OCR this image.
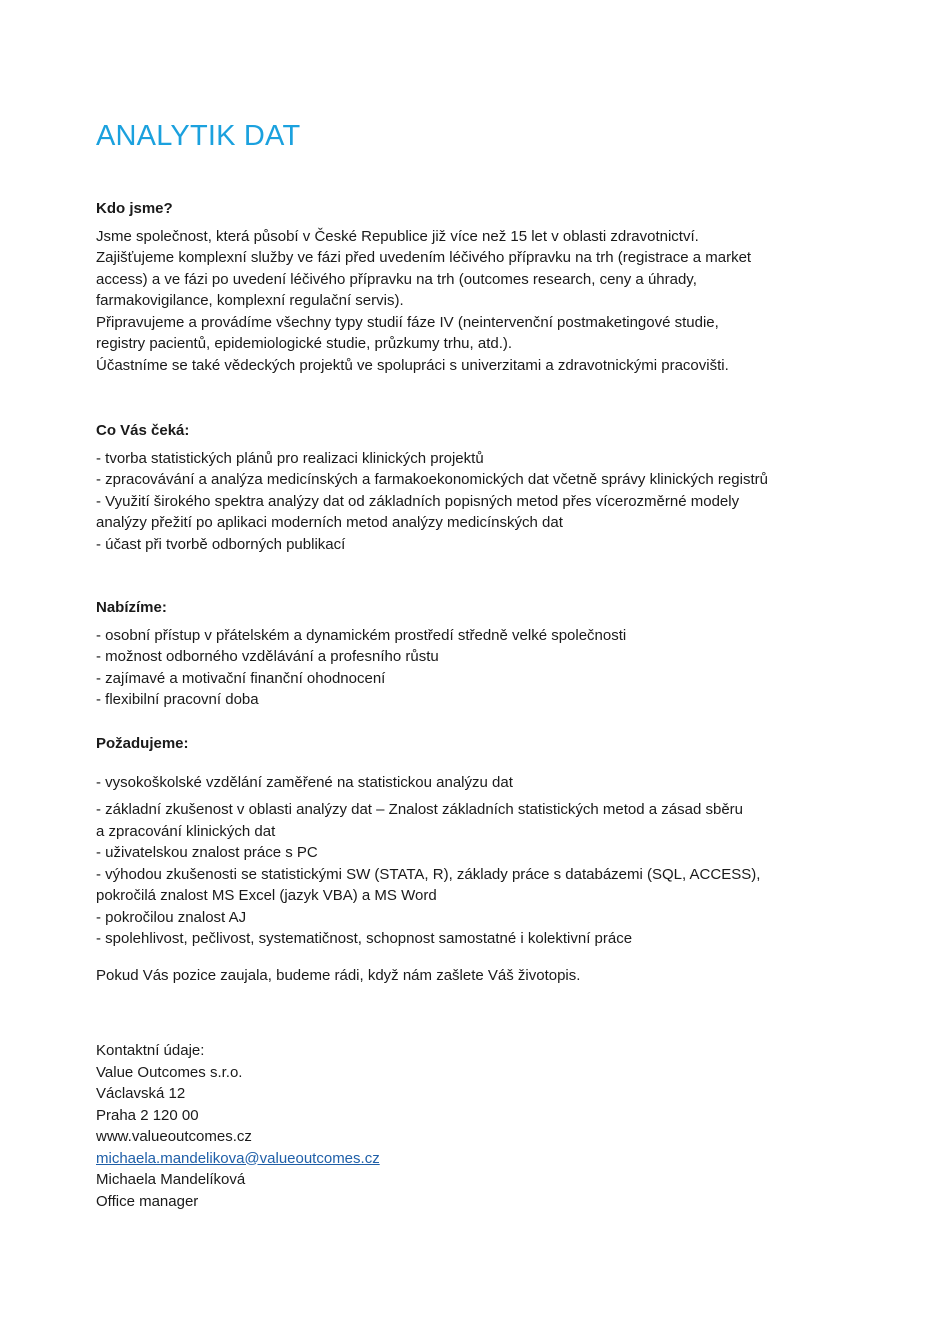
ANALYTIK DAT

Kdo jsme?

Jsme společnost, která působí v České Republice již více než 15 let v oblasti zdravotnictví.

Zajišťujeme komplexní služby ve fázi před uvedením léčivého přípravku na trh (registrace a market

access) a ve fázi po uvedení léčivého přípravku na trh (outcomes research, ceny a úhrady,

farmakovigilance, komplexní regulační servis).

Připravujeme a provádíme všechny typy studií fáze IV (neintervenční postmaketingové studie,

registry pacientů, epidemiologické studie, průzkumy trhu, atd.).

Účastníme se také vědeckých projektů ve spolupráci s univerzitami a zdravotnickými pracovišti.

Co Vás čeká:

- tvorba statistických plánů pro realizaci klinických projektů

- zpracovávání a analýza medicínských a farmakoekonomických dat včetně správy klinických registrů

- Využití širokého spektra analýzy dat od základních popisných metod přes vícerozměrné modely

analýzy přežití po aplikaci moderních metod analýzy medicínských dat

- účast při tvorbě odborných publikací

Nabízíme:

- osobní přístup v přátelském a dynamickém prostředí středně velké společnosti

- možnost odborného vzdělávání a profesního růstu

- zajímavé a motivační finanční ohodnocení

- flexibilní pracovní doba

Požadujeme:

- vysokoškolské vzdělání zaměřené na statistickou analýzu dat

- základní zkušenost v oblasti analýzy dat – Znalost základních statistických metod a zásad sběru

a zpracování klinických dat

- uživatelskou znalost práce s PC

- výhodou zkušenosti se statistickými SW (STATA, R), základy práce s databázemi (SQL, ACCESS),

pokročilá znalost MS Excel (jazyk VBA) a MS Word

- pokročilou znalost AJ

- spolehlivost, pečlivost, systematičnost, schopnost samostatné i kolektivní práce

Pokud Vás pozice zaujala, budeme rádi, když nám zašlete Váš životopis.

Kontaktní údaje:

Value Outcomes s.r.o.

Václavská 12

Praha 2 120 00

www.valueoutcomes.cz

michaela.mandelikova@valueoutcomes.cz

Michaela Mandelíková

Office manager
